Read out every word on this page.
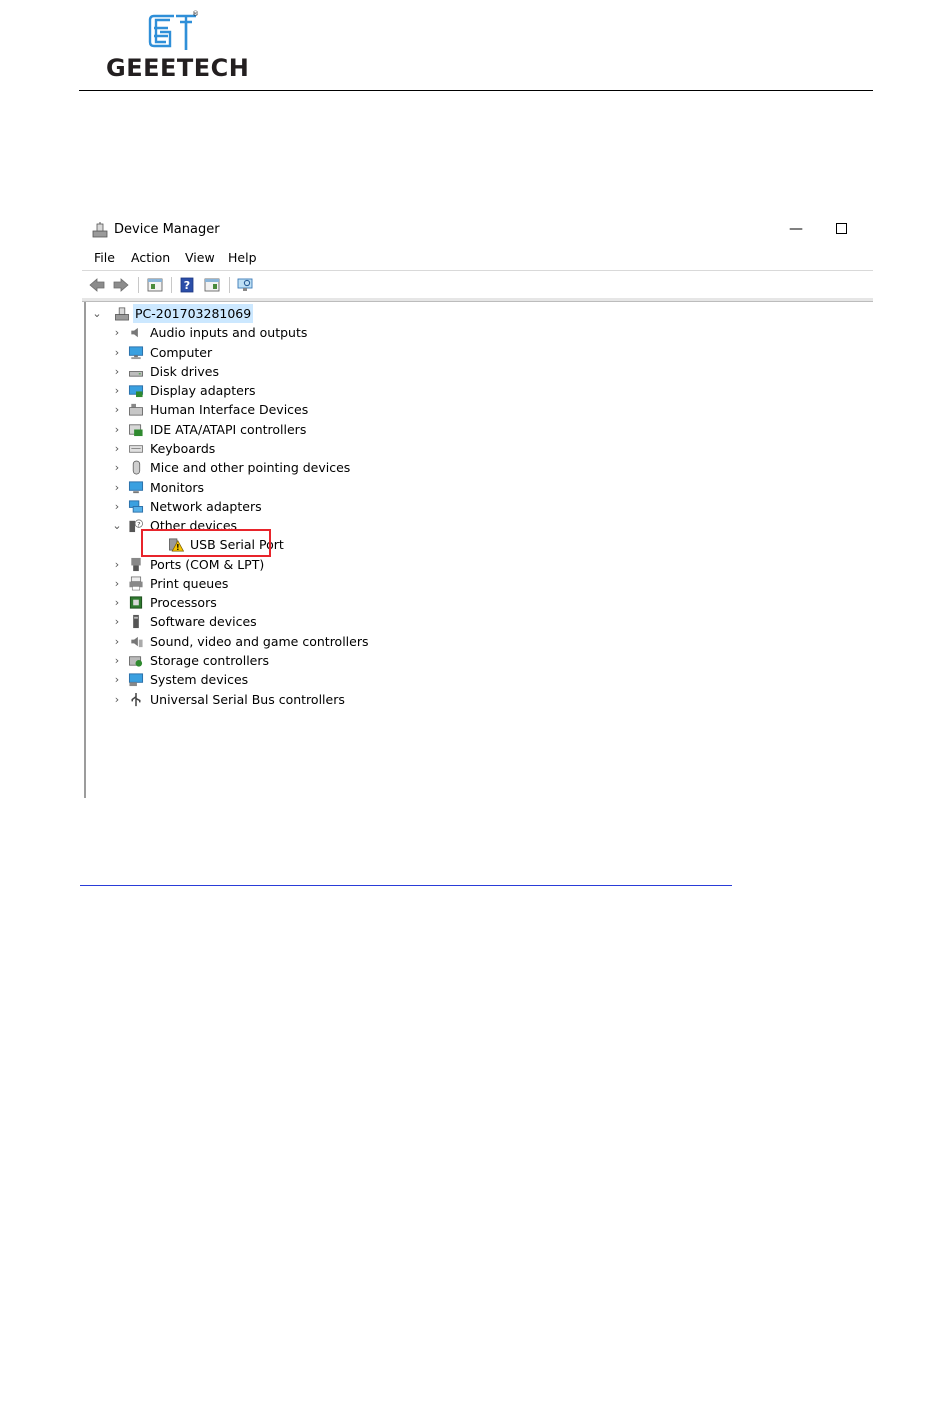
®
GEEETECH
Device Manager	—
File Action View Help
?
⌄	PC-201703281069
› Audio inputs and outputs
› Computer
› Disk drives
› Display adapters
› Human Interface Devices
› IDE ATA/ATAPI controllers
› Keyboards
› Mice and other pointing devices
› Monitors
› Network adapters
⌄ ? Other devices
! USB Serial Port
› Ports (COM & LPT)
› Print queues
› Processors
› Software devices
› Sound, video and game controllers
› Storage controllers
› System devices
› Universal Serial Bus controllers
